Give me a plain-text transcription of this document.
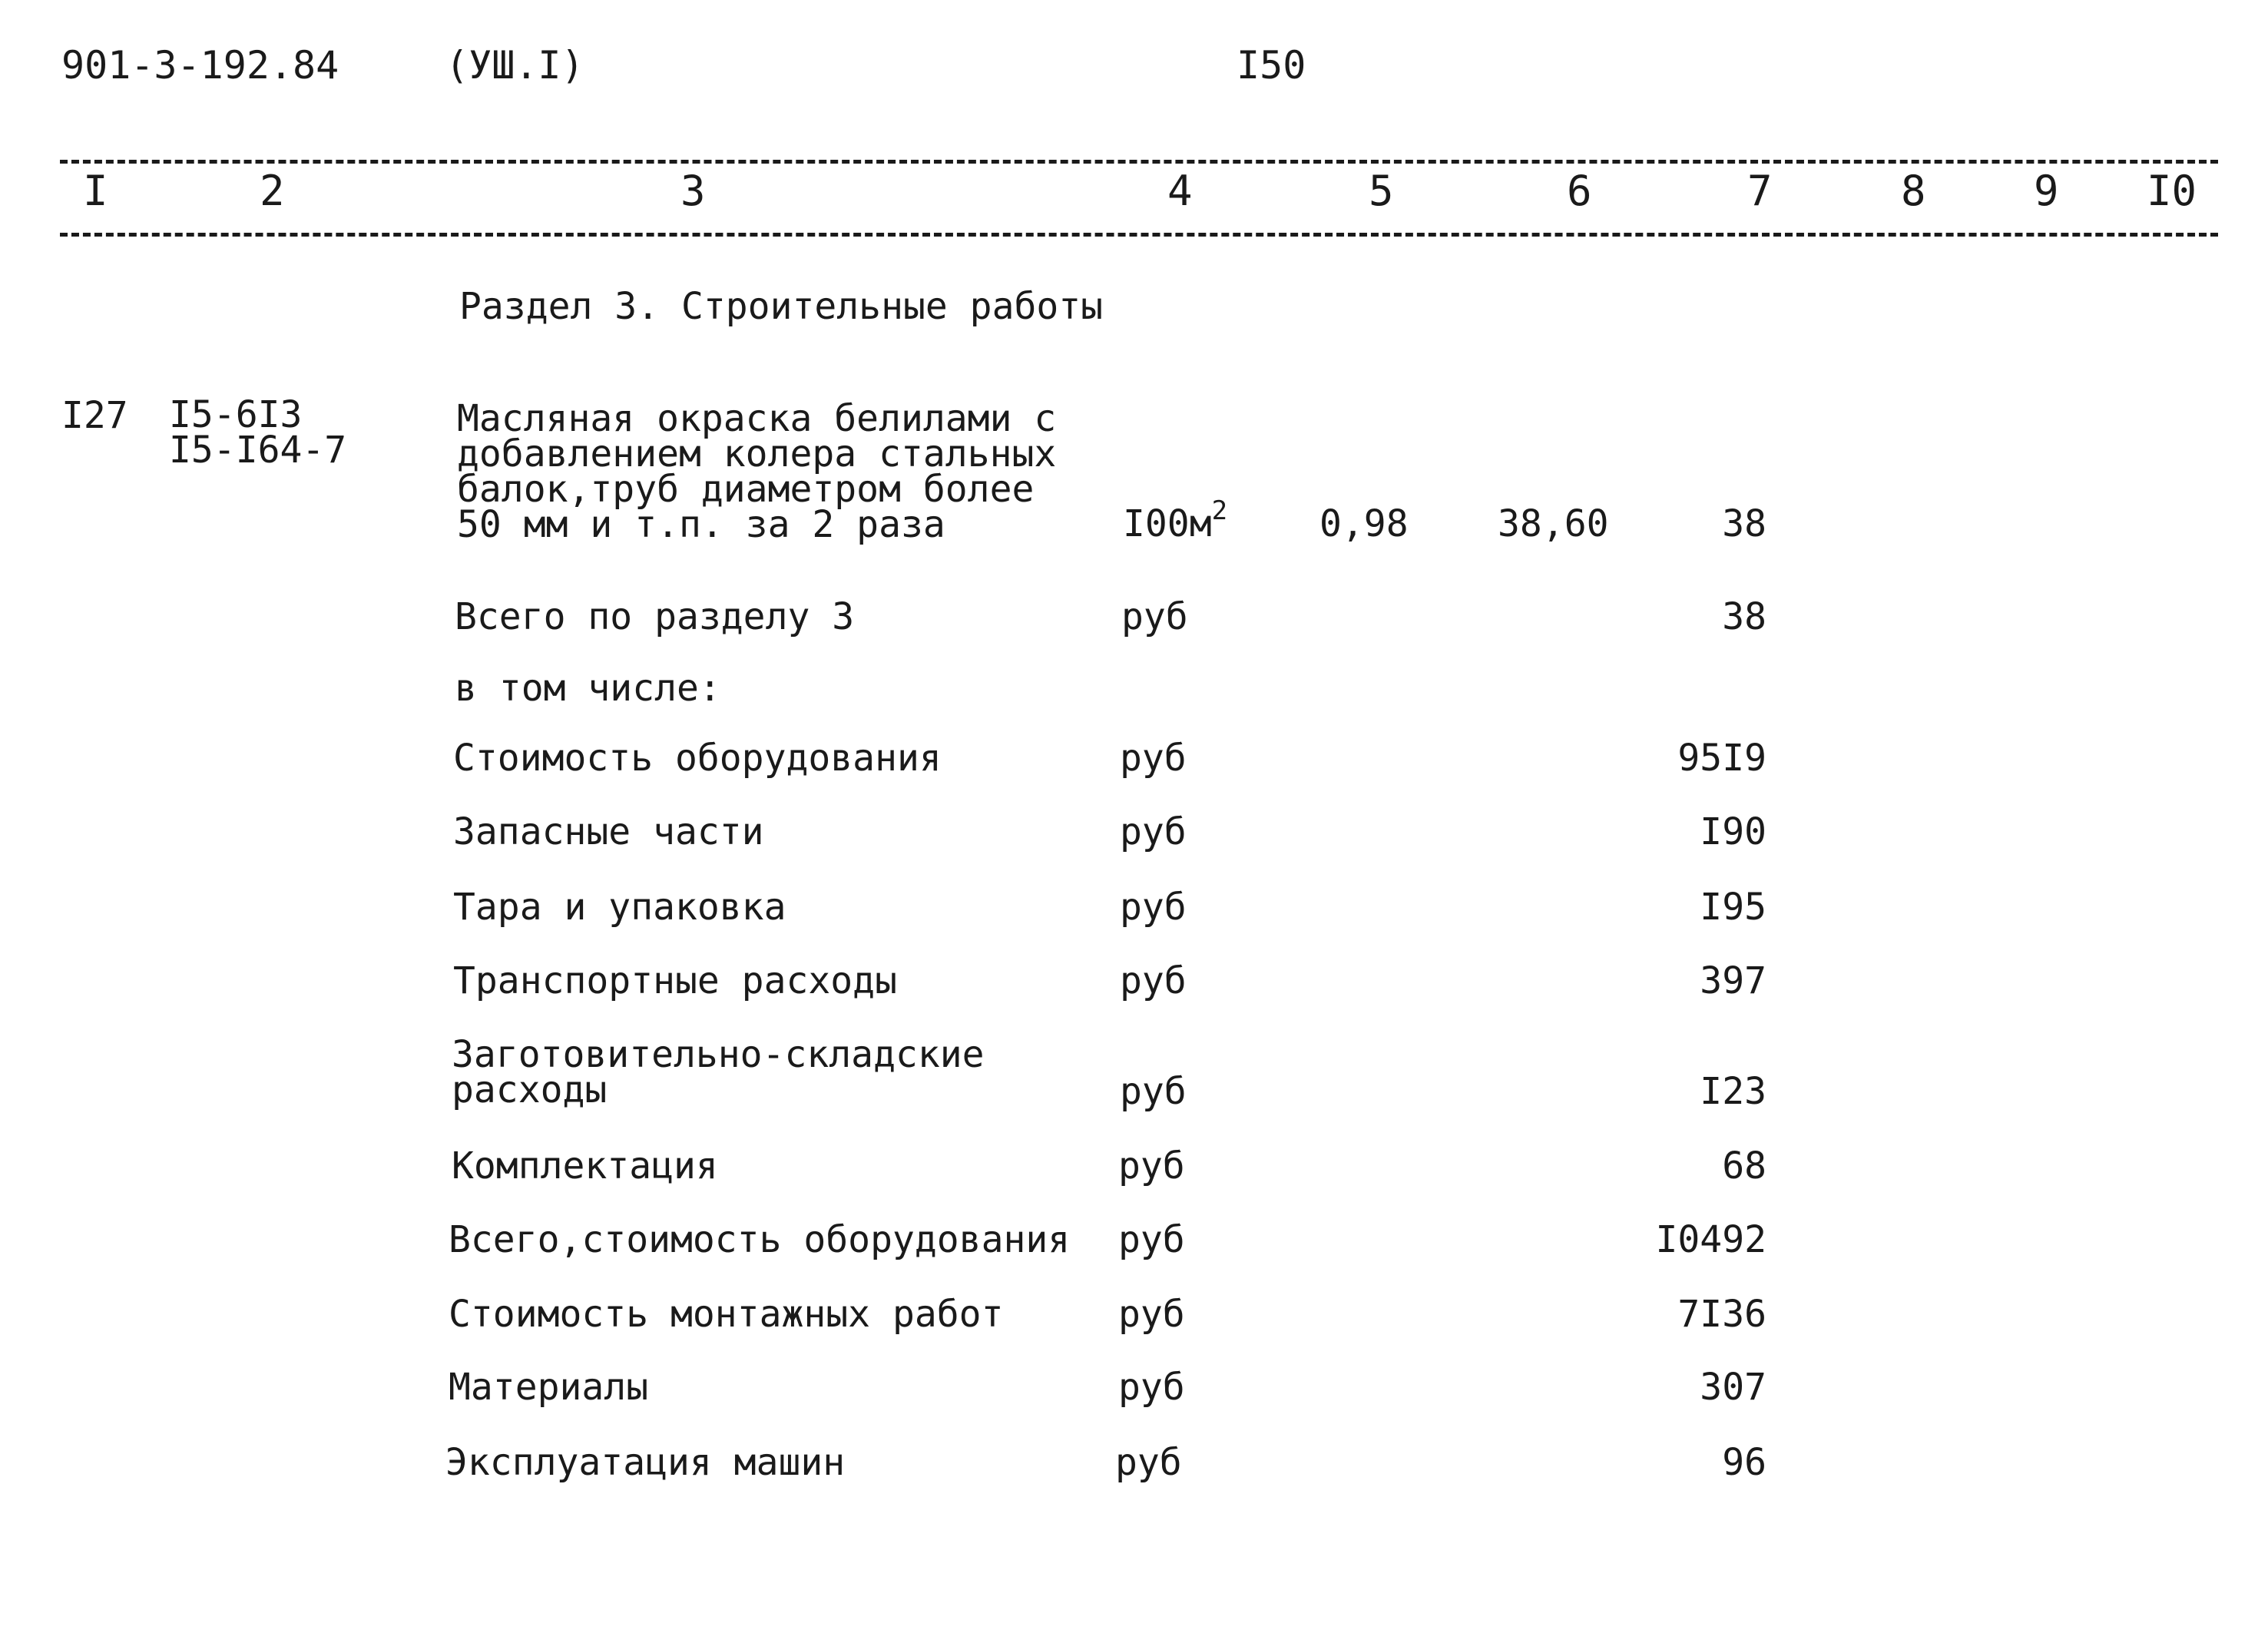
901-3-192.84	(УШ.I)	I50
I	2	3	4	5	6	7	8	9 I0
Раздел 3. Строительные работы
I27 I5-6I3
I5-I64-7
Масляная окраска белилами с
добавлением колера стальных
балок,труб диаметром более
50 мм и т.п. за 2 раза	$I00м^2$ 0,98 38,60	38
Всего по разделу 3	руб	38
в том числе:
Стоимость оборудования	руб	95I9
Запасные части	руб	I90
Тара и упаковка	руб	I95
Транспортные расходы	руб	397
Заготовительно-складские
расходы	руб	I23
Комплектация	руб	68
Всего,стоимость оборудования руб	I0492
Стоимость монтажных работ	руб	7I36
Материалы	руб	307
Эксплуатация машин	руб	96
